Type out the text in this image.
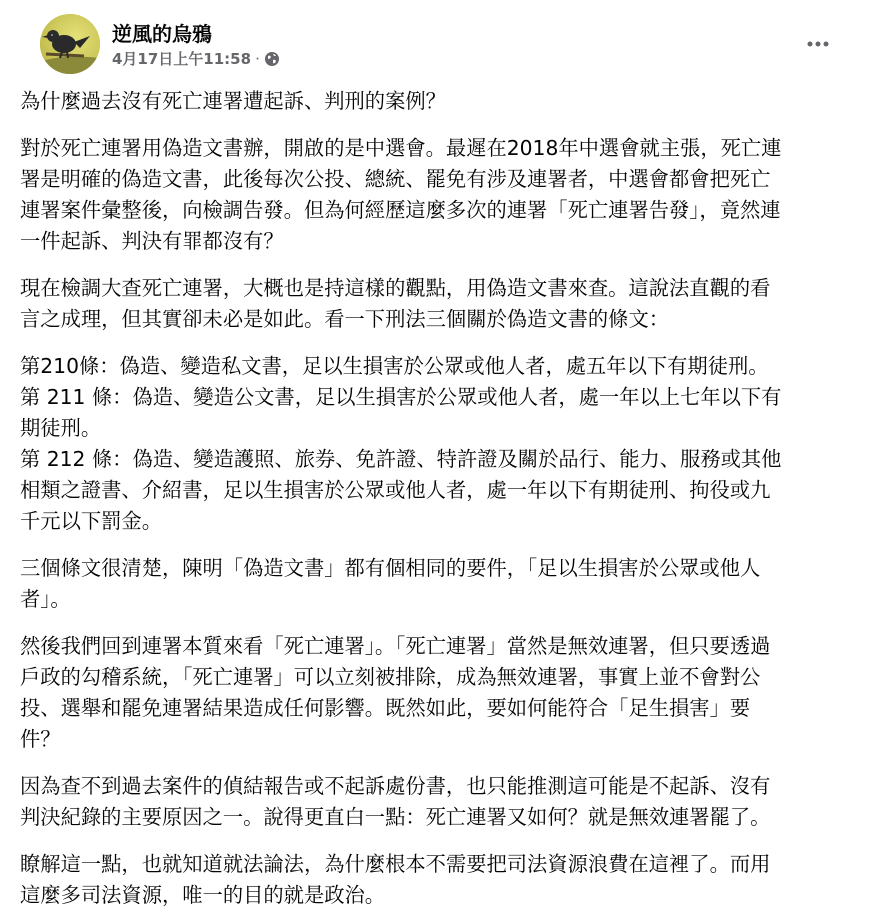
逆風的烏鴉
4月17日上午11:58 ·
為什麼過去沒有死亡連署遭起訴、判刑的案例？
對於死亡連署用偽造文書辦，開啟的是中選會。最遲在2018年中選會就主張，死亡連
署是明確的偽造文書，此後每次公投、總統、罷免有涉及連署者，中選會都會把死亡
連署案件彙整後，向檢調告發。但為何經歷這麼多次的連署「死亡連署告發」，竟然連
一件起訴、判決有罪都沒有？
現在檢調大查死亡連署，大概也是持這樣的觀點，用偽造文書來查。這說法直觀的看
言之成理，但其實卻未必是如此。看一下刑法三個關於偽造文書的條文：
第210條：偽造、變造私文書，足以生損害於公眾或他人者，處五年以下有期徒刑。
第 211 條：偽造、變造公文書，足以生損害於公眾或他人者，處一年以上七年以下有
期徒刑。
第 212 條：偽造、變造護照、旅券、免許證、特許證及關於品行、能力、服務或其他
相類之證書、介紹書，足以生損害於公眾或他人者，處一年以下有期徒刑、拘役或九
千元以下罰金。
三個條文很清楚，陳明「偽造文書」都有個相同的要件，「足以生損害於公眾或他人
者」。
然後我們回到連署本質來看「死亡連署」。「死亡連署」當然是無效連署，但只要透過
戶政的勾稽系統，「死亡連署」可以立刻被排除，成為無效連署，事實上並不會對公
投、選舉和罷免連署結果造成任何影響。既然如此，要如何能符合「足生損害」要
件？
因為查不到過去案件的偵結報告或不起訴處份書，也只能推測這可能是不起訴、沒有
判決紀錄的主要原因之一。說得更直白一點：死亡連署又如何？就是無效連署罷了。
瞭解這一點，也就知道就法論法，為什麼根本不需要把司法資源浪費在這裡了。而用
這麼多司法資源，唯一的目的就是政治。
